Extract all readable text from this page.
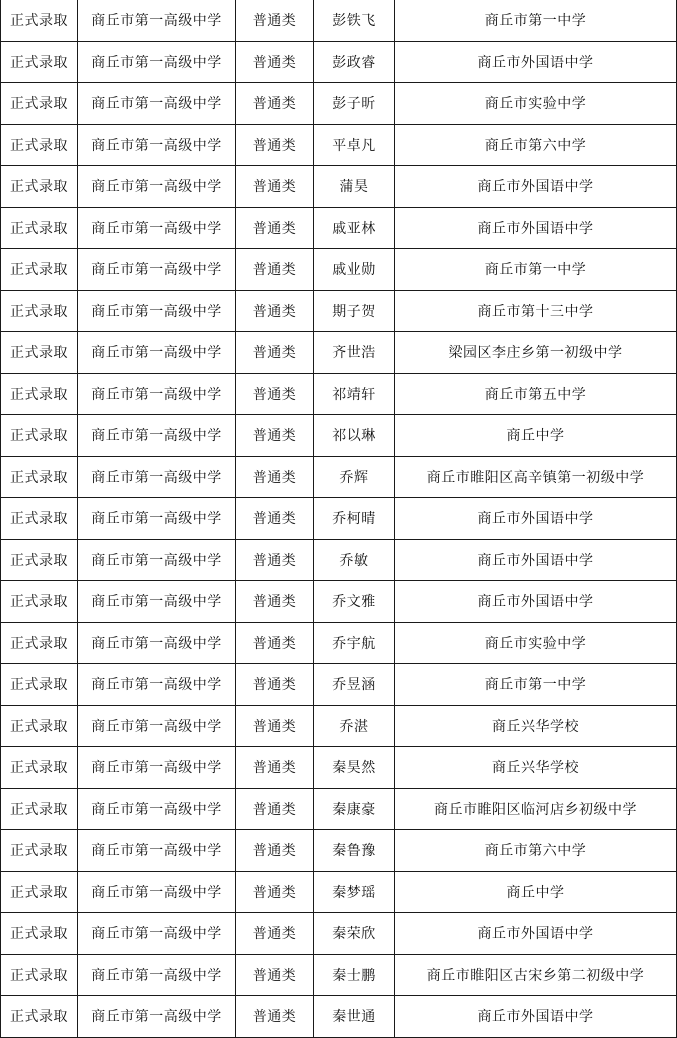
正式录取	商丘市第一高级中学	普通类	彭铁飞	商丘市第一中学
正式录取	商丘市第一高级中学	普通类	彭政睿	商丘市外国语中学
正式录取	商丘市第一高级中学	普通类	彭子昕	商丘市实验中学
正式录取	商丘市第一高级中学	普通类	平卓凡	商丘市第六中学
正式录取	商丘市第一高级中学	普通类	蒲昊	商丘市外国语中学
正式录取	商丘市第一高级中学	普通类	戚亚林	商丘市外国语中学
正式录取	商丘市第一高级中学	普通类	戚业勋	商丘市第一中学
正式录取	商丘市第一高级中学	普通类	期子贺	商丘市第十三中学
正式录取	商丘市第一高级中学	普通类	齐世浩	梁园区李庄乡第一初级中学
正式录取	商丘市第一高级中学	普通类	祁靖轩	商丘市第五中学
正式录取	商丘市第一高级中学	普通类	祁以琳	商丘中学
正式录取	商丘市第一高级中学	普通类	乔辉	商丘市睢阳区高辛镇第一初级中学
正式录取	商丘市第一高级中学	普通类	乔柯晴	商丘市外国语中学
正式录取	商丘市第一高级中学	普通类	乔敏	商丘市外国语中学
正式录取	商丘市第一高级中学	普通类	乔文雅	商丘市外国语中学
正式录取	商丘市第一高级中学	普通类	乔宇航	商丘市实验中学
正式录取	商丘市第一高级中学	普通类	乔昱涵	商丘市第一中学
正式录取	商丘市第一高级中学	普通类	乔湛	商丘兴华学校
正式录取	商丘市第一高级中学	普通类	秦昊然	商丘兴华学校
正式录取	商丘市第一高级中学	普通类	秦康豪	商丘市睢阳区临河店乡初级中学
正式录取	商丘市第一高级中学	普通类	秦鲁豫	商丘市第六中学
正式录取	商丘市第一高级中学	普通类	秦梦瑶	商丘中学
正式录取	商丘市第一高级中学	普通类	秦荣欣	商丘市外国语中学
正式录取	商丘市第一高级中学	普通类	秦士鹏	商丘市睢阳区古宋乡第二初级中学
正式录取	商丘市第一高级中学	普通类	秦世通	商丘市外国语中学
